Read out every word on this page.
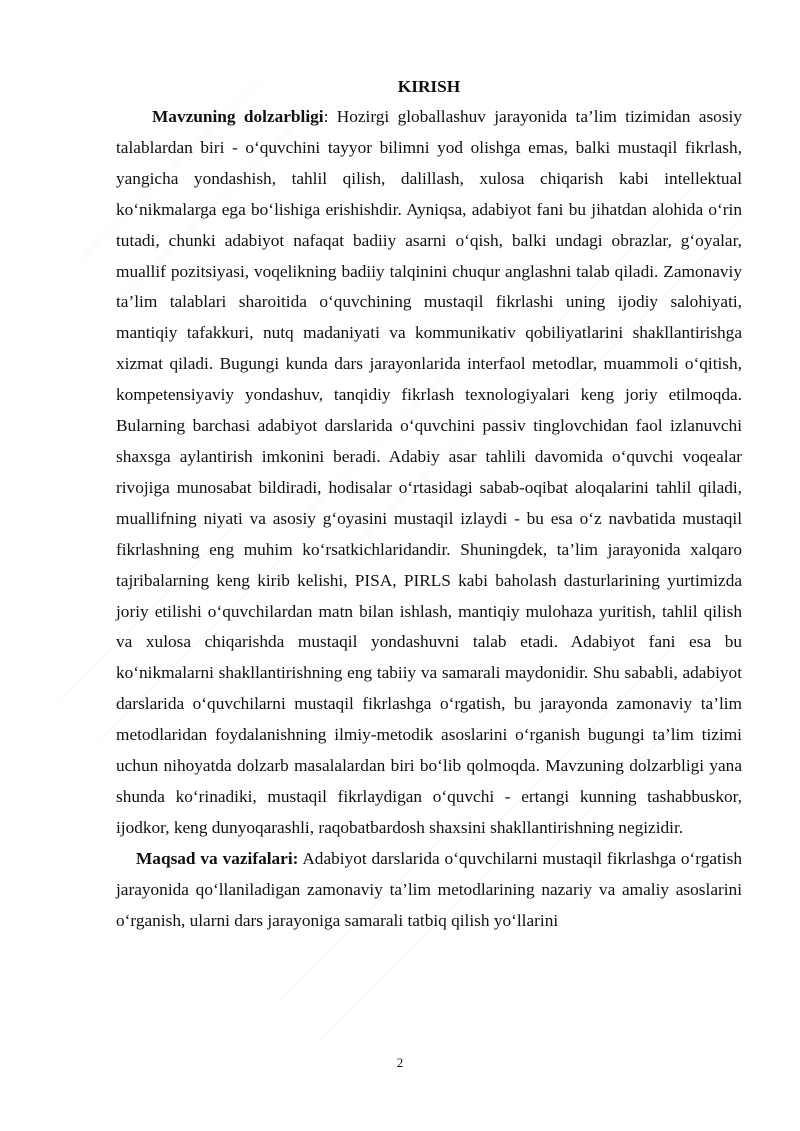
KIRISH

Mavzuning dolzarbligi: Hozirgi globallashuv jarayonida ta’lim tizimidan asosiy talablardan biri - o‘quvchini tayyor bilimni yod olishga emas, balki mustaqil fikrlash, yangicha yondashish, tahlil qilish, dalillash, xulosa chiqarish kabi intellektual ko‘nikmalarga ega bo‘lishiga erishishdir. Ayniqsa, adabiyot fani bu jihatdan alohida o‘rin tutadi, chunki adabiyot nafaqat badiiy asarni o‘qish, balki undagi obrazlar, g‘oyalar, muallif pozitsiyasi, voqelikning badiiy talqinini chuqur anglashni talab qiladi. Zamonaviy ta’lim talablari sharoitida o‘quvchining mustaqil fikrlashi uning ijodiy salohiyati, mantiqiy tafakkuri, nutq madaniyati va kommunikativ qobiliyatlarini shakllantirishga xizmat qiladi. Bugungi kunda dars jarayonlarida interfaol metodlar, muammoli o‘qitish, kompetensiyaviy yondashuv, tanqidiy fikrlash texnologiyalari keng joriy etilmoqda. Bularning barchasi adabiyot darslarida o‘quvchini passiv tinglovchidan faol izlanuvchi shaxsga aylantirish imkonini beradi. Adabiy asar tahlili davomida o‘quvchi voqealar rivojiga munosabat bildiradi, hodisalar o‘rtasidagi sabab-oqibat aloqalarini tahlil qiladi, muallifning niyati va asosiy g‘oyasini mustaqil izlaydi - bu esa o‘z navbatida mustaqil fikrlashning eng muhim ko‘rsatkichlaridandir. Shuningdek, ta’lim jarayonida xalqaro tajribalarning keng kirib kelishi, PISA, PIRLS kabi baholash dasturlarining yurtimizda joriy etilishi o‘quvchilardan matn bilan ishlash, mantiqiy mulohaza yuritish, tahlil qilish va xulosa chiqarishda mustaqil yondashuvni talab etadi. Adabiyot fani esa bu ko‘nikmalarni shakllantirishning eng tabiiy va samarali maydonidir. Shu sababli, adabiyot darslarida o‘quvchilarni mustaqil fikrlashga o‘rgatish, bu jarayonda zamonaviy ta’lim metodlaridan foydalanishning ilmiy-metodik asoslarini o‘rganish bugungi ta’lim tizimi uchun nihoyatda dolzarb masalalardan biri bo‘lib qolmoqda. Mavzuning dolzarbligi yana shunda ko‘rinadiki, mustaqil fikrlaydigan o‘quvchi - ertangi kunning tashabbuskor, ijodkor, keng dunyoqarashli, raqobatbardosh shaxsini shakllantirishning negizidir.

Maqsad va vazifalari: Adabiyot darslarida o‘quvchilarni mustaqil fikrlashga o‘rgatish jarayonida qo‘llaniladigan zamonaviy ta’lim metodlarining nazariy va amaliy asoslarini o‘rganish, ularni dars jarayoniga samarali tatbiq qilish yo‘llarini

2
